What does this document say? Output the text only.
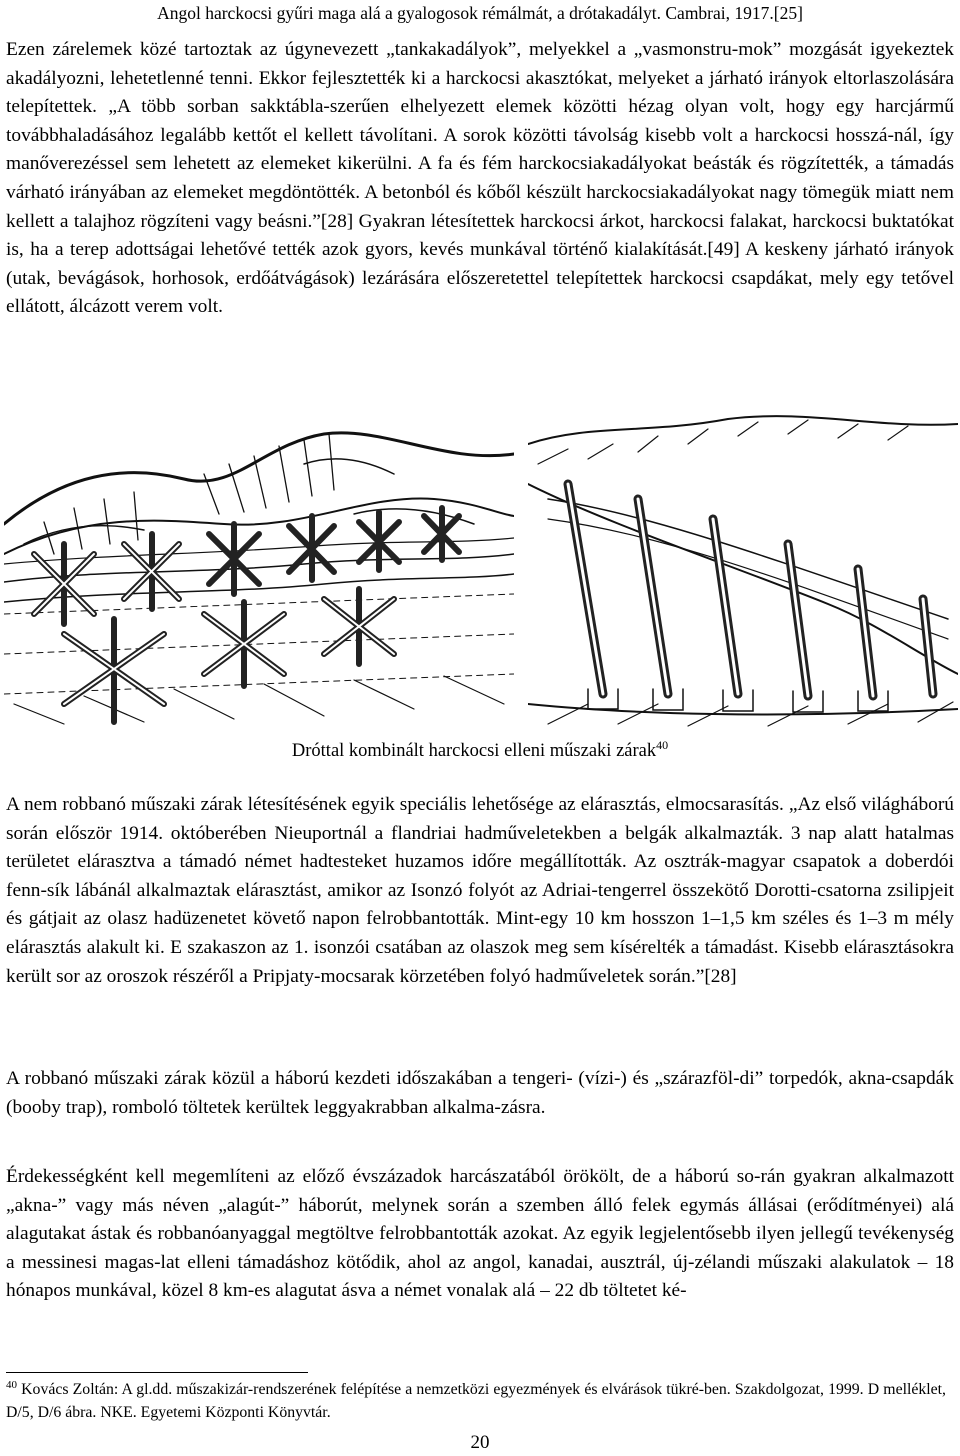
Angol harckocsi gyűri maga alá a gyalogosok rémálmát, a drótakadályt. Cambrai, 1917.[25]

Ezen zárelemek közé tartoztak az úgynevezett „tankakadályok”, melyekkel a „vasmonstru-mok” mozgását igyekeztek akadályozni, lehetetlenné tenni. Ekkor fejlesztették ki a harckocsi akasztókat, melyeket a járható irányok eltorlaszolására telepítettek. „A több sorban sakktábla-szerűen elhelyezett elemek közötti hézag olyan volt, hogy egy harcjármű továbbhaladásához legalább kettőt el kellett távolítani. A sorok közötti távolság kisebb volt a harckocsi hosszá-nál, így manőverezéssel sem lehetett az elemeket kikerülni. A fa és fém harckocsiakadályokat beásták és rögzítették, a támadás várható irányában az elemeket megdöntötték. A betonból és kőből készült harckocsiakadályokat nagy tömegük miatt nem kellett a talajhoz rögzíteni vagy beásni.”[28] Gyakran létesítettek harckocsi árkot, harckocsi falakat, harckocsi buktatókat is, ha a terep adottságai lehetővé tették azok gyors, kevés munkával történő kialakítását.[49] A keskeny járható irányok (utak, bevágások, horhosok, erdőátvágások) lezárására előszeretettel telepítettek harckocsi csapdákat, mely egy tetővel ellátott, álcázott verem volt.

Dróttal kombinált harckocsi elleni műszaki zárak$^{40}$

A nem robbanó műszaki zárak létesítésének egyik speciális lehetősége az elárasztás, elmocsarasítás. „Az első világháború során először 1914. októberében Nieuportnál a flandriai hadműveletekben a belgák alkalmazták. 3 nap alatt hatalmas területet elárasztva a támadó német hadtesteket huzamos időre megállították. Az osztrák-magyar csapatok a doberdói fenn-sík lábánál alkalmaztak elárasztást, amikor az Isonzó folyót az Adriai-tengerrel összekötő Dorotti-csatorna zsilipjeit és gátjait az olasz hadüzenetet követő napon felrobbantották. Mint-egy 10 km hosszon 1–1,5 km széles és 1–3 m mély elárasztás alakult ki. E szakaszon az 1. isonzói csatában az olaszok meg sem kísérelték a támadást. Kisebb elárasztásokra került sor az oroszok részéről a Pripjaty-mocsarak körzetében folyó hadműveletek során.”[28]

A robbanó műszaki zárak közül a háború kezdeti időszakában a tengeri- (vízi-) és „szárazföl-di” torpedók, akna-csapdák (booby trap), romboló töltetek kerültek leggyakrabban alkalma-zásra.

Érdekességként kell megemlíteni az előző évszázadok harcászatából örökölt, de a háború so-rán gyakran alkalmazott „akna-” vagy más néven „alagút-” háborút, melynek során a szemben álló felek egymás állásai (erődítményei) alá alagutakat ástak és robbanóanyaggal megtöltve felrobbantották azokat. Az egyik legjelentősebb ilyen jellegű tevékenység a messinesi magas-lat elleni támadáshoz kötődik, ahol az angol, kanadai, ausztrál, új-zélandi műszaki alakulatok – 18 hónapos munkával, közel 8 km-es alagutat ásva a német vonalak alá – 22 db töltetet ké-

$^{40}$ Kovács Zoltán: A gl.dd. műszakizár-rendszerének felépítése a nemzetközi egyezmények és elvárások tükré-ben. Szakdolgozat, 1999. D melléklet, D/5, D/6 ábra. NKE. Egyetemi Központi Könyvtár.

20
